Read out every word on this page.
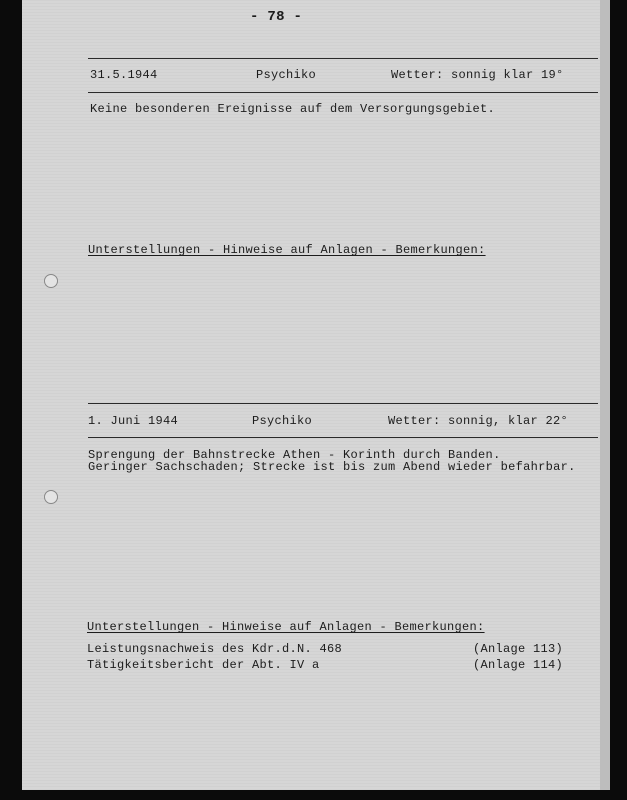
- 78 -
31.5.1944	Psychiko	Wetter: sonnig klar 19°
Keine besonderen Ereignisse auf dem Versorgungsgebiet.
Unterstellungen - Hinweise auf Anlagen - Bemerkungen:
1. Juni 1944	Psychiko	Wetter: sonnig, klar 22°
Sprengung der Bahnstrecke Athen - Korinth durch Banden.
Geringer Sachschaden; Strecke ist bis zum Abend wieder befahrbar.
Unterstellungen - Hinweise auf Anlagen - Bemerkungen:
Leistungsnachweis des Kdr.d.N. 468	(Anlage 113)
Tätigkeitsbericht der Abt. IV a	(Anlage 114)
